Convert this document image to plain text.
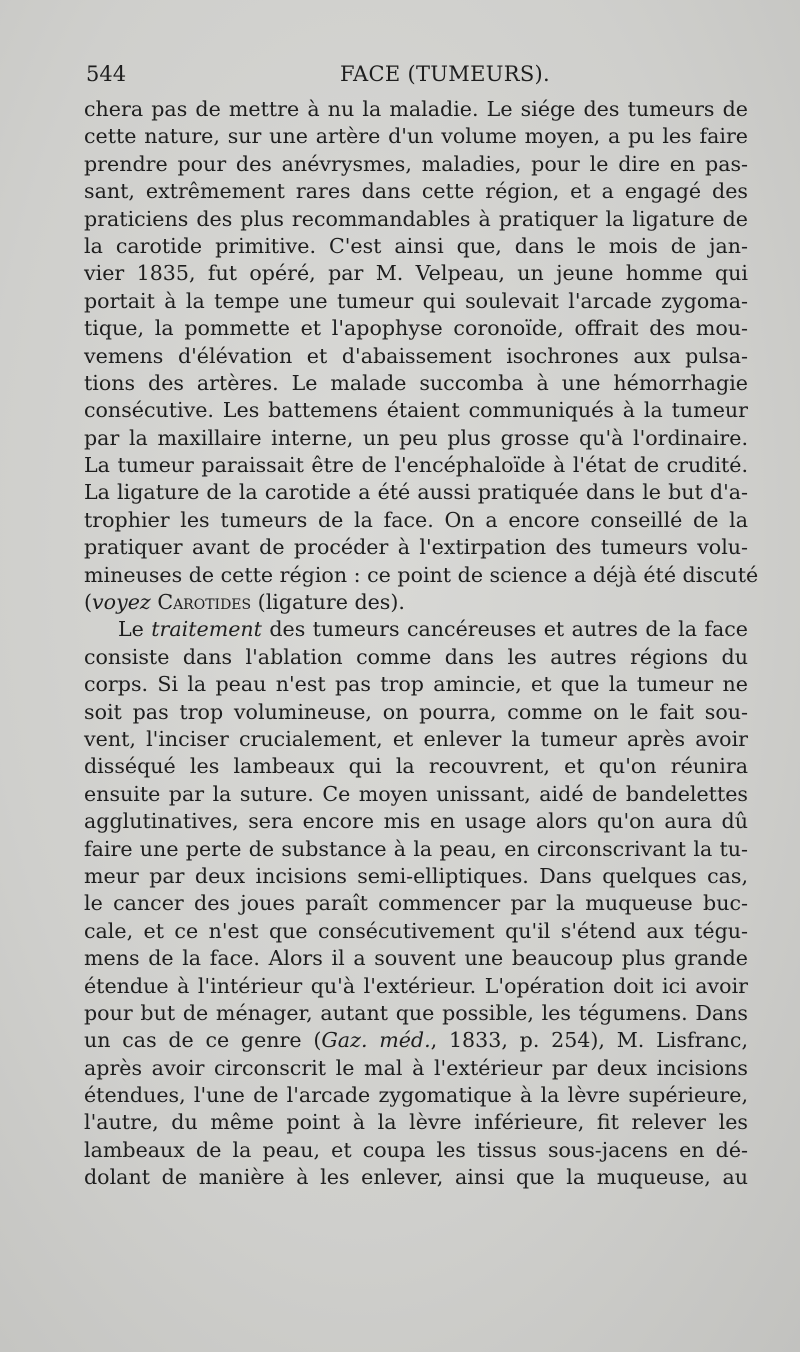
544	FACE (TUMEURS).
chera pas de mettre à nu la maladie. Le siége des tumeurs de
cette nature, sur une artère d'un volume moyen, a pu les faire
prendre pour des anévrysmes, maladies, pour le dire en pas-
sant, extrêmement rares dans cette région, et a engagé des
praticiens des plus recommandables à pratiquer la ligature de
la carotide primitive. C'est ainsi que, dans le mois de jan-
vier 1835, fut opéré, par M. Velpeau, un jeune homme qui
portait à la tempe une tumeur qui soulevait l'arcade zygoma-
tique, la pommette et l'apophyse coronoïde, offrait des mou-
vemens d'élévation et d'abaissement isochrones aux pulsa-
tions des artères. Le malade succomba à une hémorrhagie
consécutive. Les battemens étaient communiqués à la tumeur
par la maxillaire interne, un peu plus grosse qu'à l'ordinaire.
La tumeur paraissait être de l'encéphaloïde à l'état de crudité.
La ligature de la carotide a été aussi pratiquée dans le but d'a-
trophier les tumeurs de la face. On a encore conseillé de la
pratiquer avant de procéder à l'extirpation des tumeurs volu-
mineuses de cette région : ce point de science a déjà été discuté
(voyez Carotides (ligature des).
Le traitement des tumeurs cancéreuses et autres de la face
consiste dans l'ablation comme dans les autres régions du
corps. Si la peau n'est pas trop amincie, et que la tumeur ne
soit pas trop volumineuse, on pourra, comme on le fait sou-
vent, l'inciser crucialement, et enlever la tumeur après avoir
disséqué les lambeaux qui la recouvrent, et qu'on réunira
ensuite par la suture. Ce moyen unissant, aidé de bandelettes
agglutinatives, sera encore mis en usage alors qu'on aura dû
faire une perte de substance à la peau, en circonscrivant la tu-
meur par deux incisions semi-elliptiques. Dans quelques cas,
le cancer des joues paraît commencer par la muqueuse buc-
cale, et ce n'est que consécutivement qu'il s'étend aux tégu-
mens de la face. Alors il a souvent une beaucoup plus grande
étendue à l'intérieur qu'à l'extérieur. L'opération doit ici avoir
pour but de ménager, autant que possible, les tégumens. Dans
un cas de ce genre (Gaz. méd., 1833, p. 254), M. Lisfranc,
après avoir circonscrit le mal à l'extérieur par deux incisions
étendues, l'une de l'arcade zygomatique à la lèvre supérieure,
l'autre, du même point à la lèvre inférieure, fit relever les
lambeaux de la peau, et coupa les tissus sous-jacens en dé-
dolant de manière à les enlever, ainsi que la muqueuse, au
